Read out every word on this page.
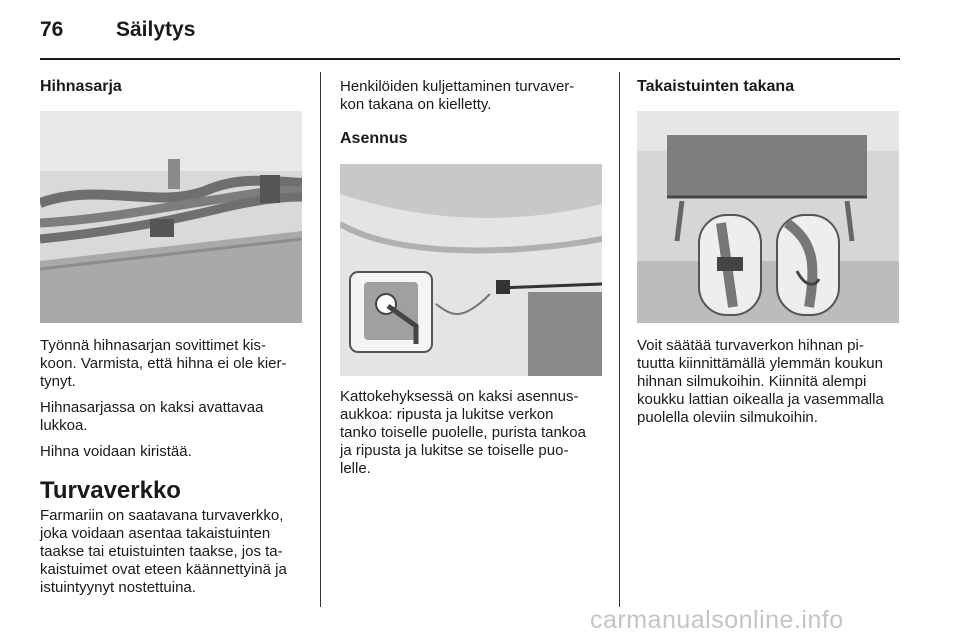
76	Säilytys
Hihnasarja

Työnnä hihnasarjan sovittimet kis-
koon. Varmista, että hihna ei ole kier-
tynyt.

Hihnasarjassa on kaksi avattavaa
lukkoa.

Hihna voidaan kiristää.

Turvaverkko

Farmariin on saatavana turvaverkko,
joka voidaan asentaa takaistuinten
taakse tai etuistuinten taakse, jos ta-
kaistuimet ovat eteen käännettyinä ja
istuintyynyt nostettuina.

Henkilöiden kuljettaminen turvaver-
kon takana on kielletty.

Asennus

Kattokehyksessä on kaksi asennus-
aukkoa: ripusta ja lukitse verkon
tanko toiselle puolelle, purista tankoa
ja ripusta ja lukitse se toiselle puo-
lelle.

Takaistuinten takana

Voit säätää turvaverkon hihnan pi-
tuutta kiinnittämällä ylemmän koukun
hihnan silmukoihin. Kiinnitä alempi
koukku lattian oikealla ja vasemmalla
puolella oleviin silmukoihin.

carmanualsonline.info
